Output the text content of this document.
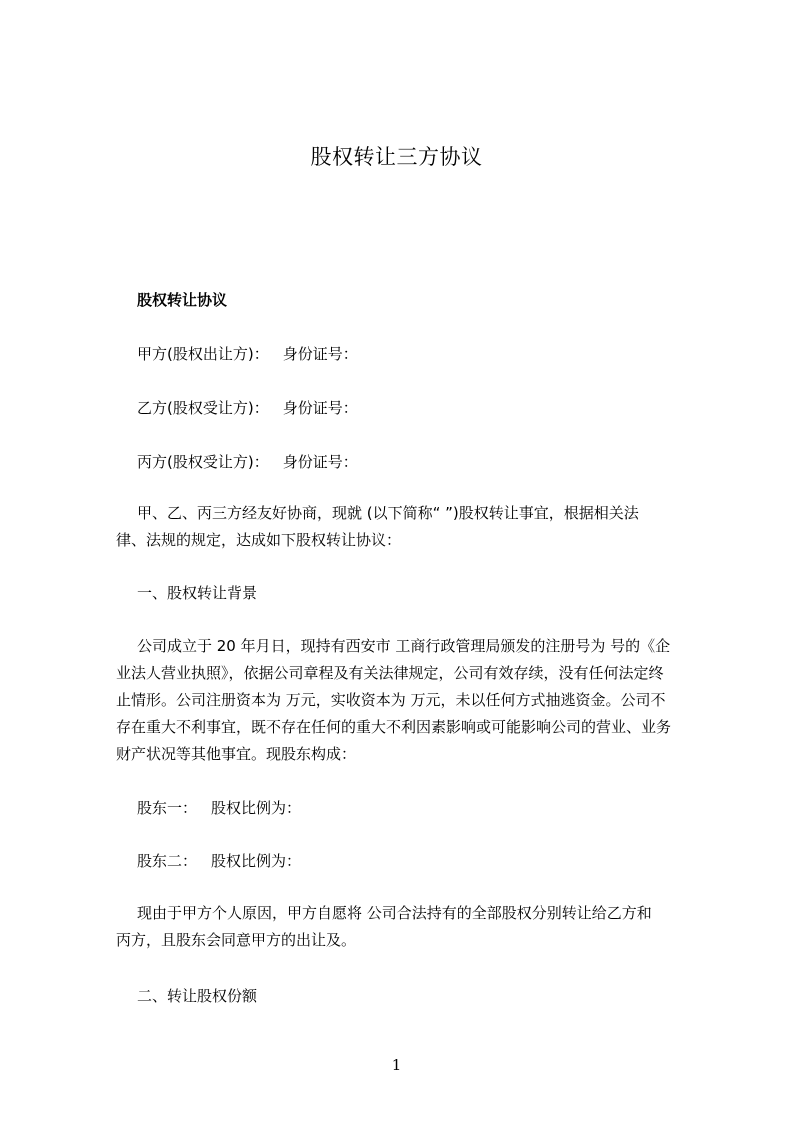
股权转让三方协议
股权转让协议
甲方(股权出让方)： 身份证号：
乙方(股权受让方)： 身份证号：
丙方(股权受让方)： 身份证号：
甲、乙、丙三方经友好协商，现就 (以下简称“ ”)股权转让事宜，根据相关法
律、法规的规定，达成如下股权转让协议：
一、股权转让背景
公司成立于 20 年月日，现持有西安市 工商行政管理局颁发的注册号为 号的《企
业法人营业执照》，依据公司章程及有关法律规定，公司有效存续，没有任何法定终
止情形。公司注册资本为 万元，实收资本为 万元，未以任何方式抽逃资金。公司不
存在重大不利事宜，既不存在任何的重大不利因素影响或可能影响公司的营业、业务
财产状况等其他事宜。现股东构成：
股东一： 股权比例为：
股东二： 股权比例为：
现由于甲方个人原因，甲方自愿将 公司合法持有的全部股权分别转让给乙方和
丙方，且股东会同意甲方的出让及。
二、转让股权份额
1
